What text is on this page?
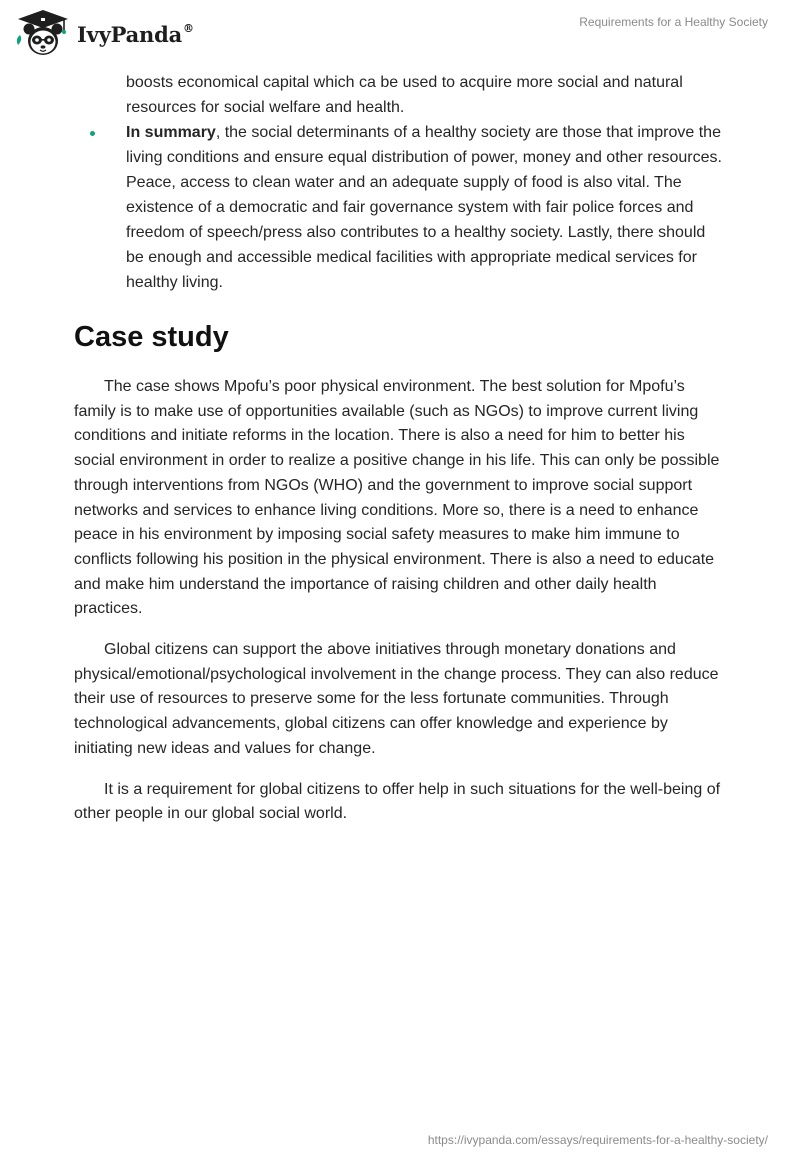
IvyPanda®	Requirements for a Healthy Society
boosts economical capital which ca be used to acquire more social and natural resources for social welfare and health.
In summary, the social determinants of a healthy society are those that improve the living conditions and ensure equal distribution of power, money and other resources. Peace, access to clean water and an adequate supply of food is also vital. The existence of a democratic and fair governance system with fair police forces and freedom of speech/press also contributes to a healthy society. Lastly, there should be enough and accessible medical facilities with appropriate medical services for healthy living.
Case study

The case shows Mpofu’s poor physical environment. The best solution for Mpofu’s family is to make use of opportunities available (such as NGOs) to improve current living conditions and initiate reforms in the location. There is also a need for him to better his social environment in order to realize a positive change in his life. This can only be possible through interventions from NGOs (WHO) and the government to improve social support networks and services to enhance living conditions. More so, there is a need to enhance peace in his environment by imposing social safety measures to make him immune to conflicts following his position in the physical environment. There is also a need to educate and make him understand the importance of raising children and other daily health practices.

Global citizens can support the above initiatives through monetary donations and physical/emotional/psychological involvement in the change process. They can also reduce their use of resources to preserve some for the less fortunate communities. Through technological advancements, global citizens can offer knowledge and experience by initiating new ideas and values for change.

It is a requirement for global citizens to offer help in such situations for the well-being of other people in our global social world.

https://ivypanda.com/essays/requirements-for-a-healthy-society/
